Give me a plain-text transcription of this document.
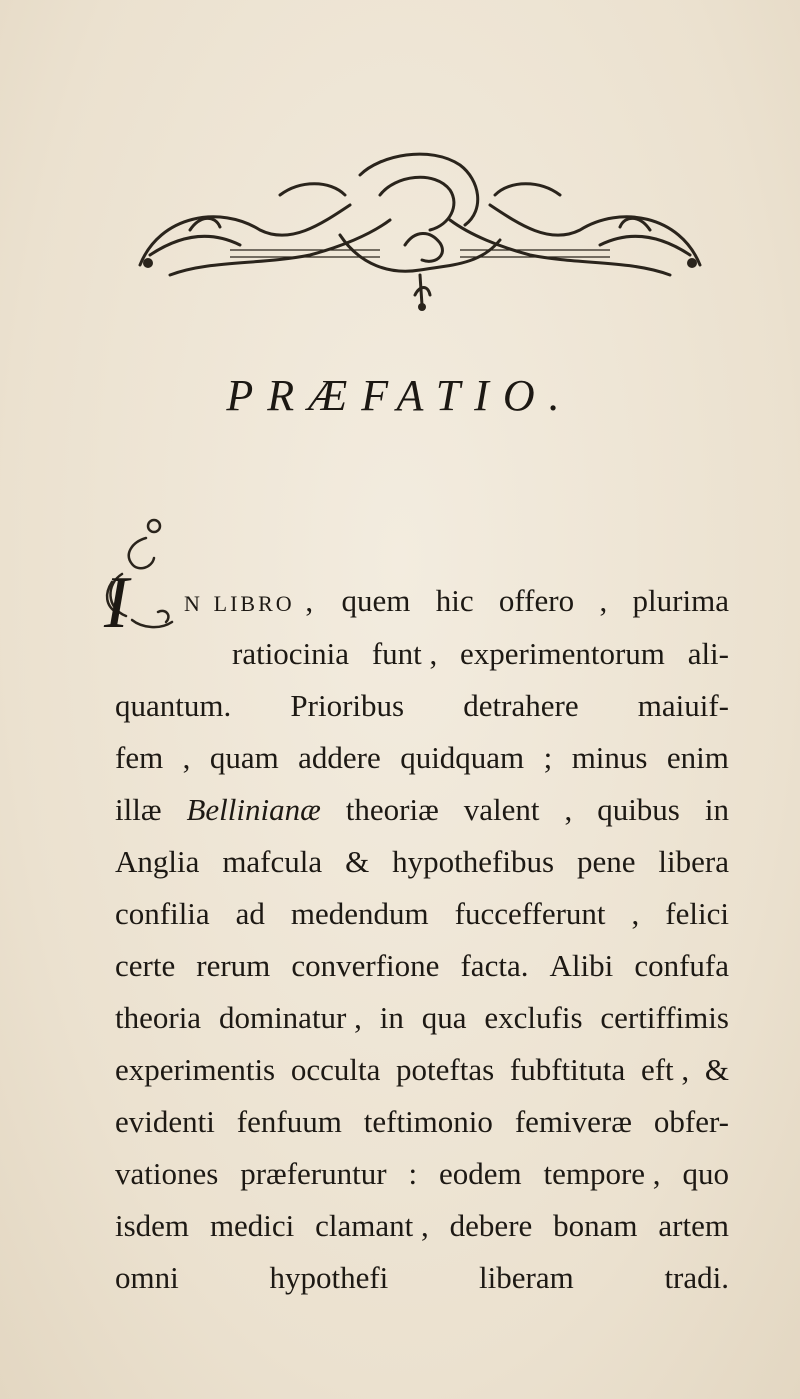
PRÆFATIO.
I n libro , quem hic offero , plurima
ratiocinia funt , experimentorum ali-
quantum. Prioribus detrahere maiuif-
fem , quam addere quidquam ; minus enim
illæ Bellinianæ theoriæ valent , quibus in
Anglia mafcula & hypothefibus pene libera
confilia ad medendum fuccefferunt , felici
certe rerum converfione facta. Alibi confufa
theoria dominatur , in qua exclufis certiffimis
experimentis occulta poteftas fubftituta eft , &
evidenti fenfuum teftimonio femiveræ obfer-
vationes præferuntur : eodem tempore , quo
isdem medici clamant , debere bonam artem
omni	hypothefi	liberam	tradi.
